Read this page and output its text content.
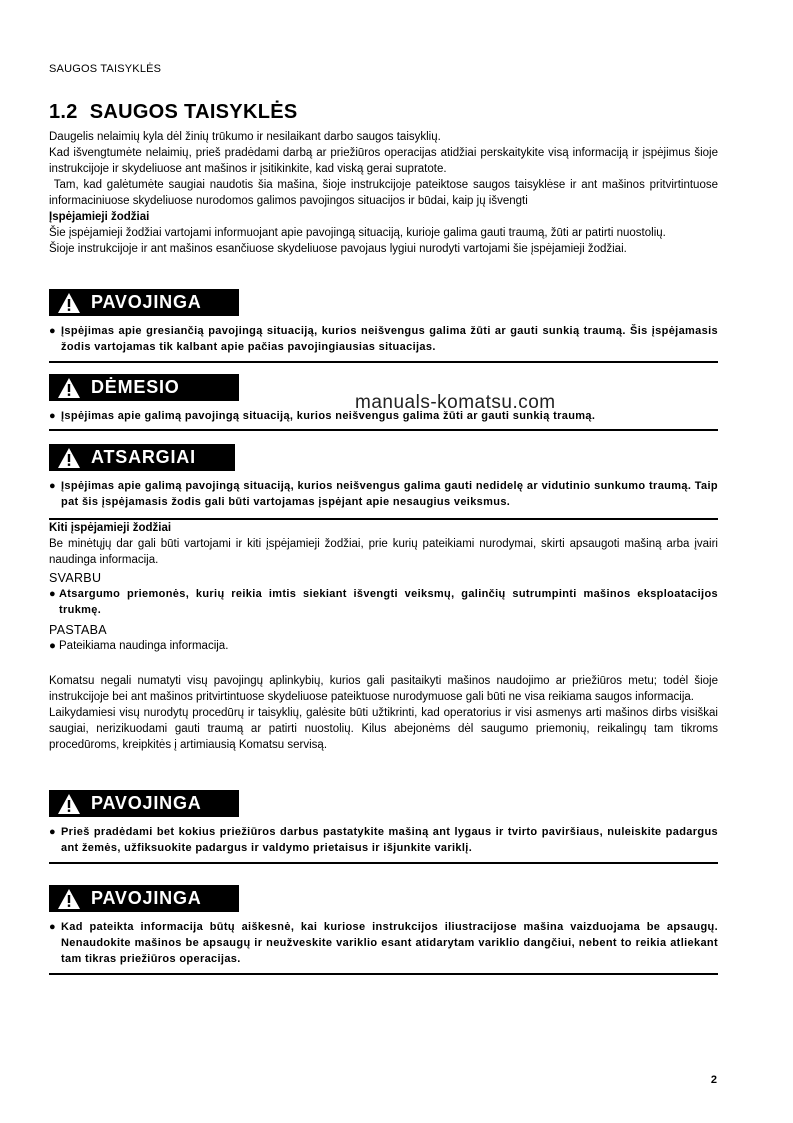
SAUGOS TAISYKLĖS
1.2 SAUGOS TAISYKLĖS

Daugelis nelaimių kyla dėl žinių trūkumo ir nesilaikant darbo saugos taisyklių.

Kad išvengtumėte nelaimių, prieš pradėdami darbą ar priežiūros operacijas atidžiai perskaitykite visą informaciją ir įspėjimus šioje instrukcijoje ir skydeliuose ant mašinos ir įsitikinkite, kad viską gerai supratote.

Tam, kad galėtumėte saugiai naudotis šia mašina, šioje instrukcijoje pateiktose saugos taisyklėse ir ant mašinos pritvirtintuose informaciniuose skydeliuose nurodomos galimos pavojingos situacijos ir būdai, kaip jų išvengti

Įspėjamieji žodžiai

Šie įspėjamieji žodžiai vartojami informuojant apie pavojingą situaciją, kurioje galima gauti traumą, žūti ar patirti nuostolių.

Šioje instrukcijoje ir ant mašinos esančiuose skydeliuose pavojaus lygiui nurodyti vartojami šie įspėjamieji žodžiai.

PAVOJINGA
● Įspėjimas apie gresiančią pavojingą situaciją, kurios neišvengus galima žūti ar gauti sunkią traumą. Šis įspėjamasis žodis vartojamas tik kalbant apie pačias pavojingiausias situacijas.
DĖMESIO
● Įspėjimas apie galimą pavojingą situaciją, kurios neišvengus galima žūti ar gauti sunkią traumą.
ATSARGIAI
● Įspėjimas apie galimą pavojingą situaciją, kurios neišvengus galima gauti nedidelę ar vidutinio sunkumo traumą. Taip pat šis įspėjamasis žodis gali būti vartojamas įspėjant apie nesaugius veiksmus.

Kiti įspėjamieji žodžiai

Be minėtųjų dar gali būti vartojami ir kiti įspėjamieji žodžiai, prie kurių pateikiami nurodymai, skirti apsaugoti mašiną arba įvairi naudinga informacija.

SVARBU

● Atsargumo priemonės, kurių reikia imtis siekiant išvengti veiksmų, galinčių sutrumpinti mašinos eksploatacijos trukmę.

PASTABA

● Pateikiama naudinga informacija.

Komatsu negali numatyti visų pavojingų aplinkybių, kurios gali pasitaikyti mašinos naudojimo ar priežiūros metu; todėl šioje instrukcijoje bei ant mašinos pritvirtintuose skydeliuose pateiktuose nurodymuose gali būti ne visa reikiama saugos informacija.

Laikydamiesi visų nurodytų procedūrų ir taisyklių, galėsite būti užtikrinti, kad operatorius ir visi asmenys arti mašinos dirbs visiškai saugiai, nerizikuodami gauti traumą ar patirti nuostolių. Kilus abejonėms dėl saugumo priemonių, reikalingų tam tikroms procedūroms, kreipkitės į artimiausią Komatsu servisą.

PAVOJINGA
● Prieš pradėdami bet kokius priežiūros darbus pastatykite mašiną ant lygaus ir tvirto paviršiaus, nuleiskite padargus ant žemės, užfiksuokite padargus ir valdymo prietaisus ir išjunkite variklį.
PAVOJINGA
● Kad pateikta informacija būtų aiškesnė, kai kuriose instrukcijos iliustracijose mašina vaizduojama be apsaugų. Nenaudokite mašinos be apsaugų ir neužveskite variklio esant atidarytam variklio dangčiui, nebent to reikia atliekant tam tikras priežiūros operacijas.
manuals-komatsu.com
2
